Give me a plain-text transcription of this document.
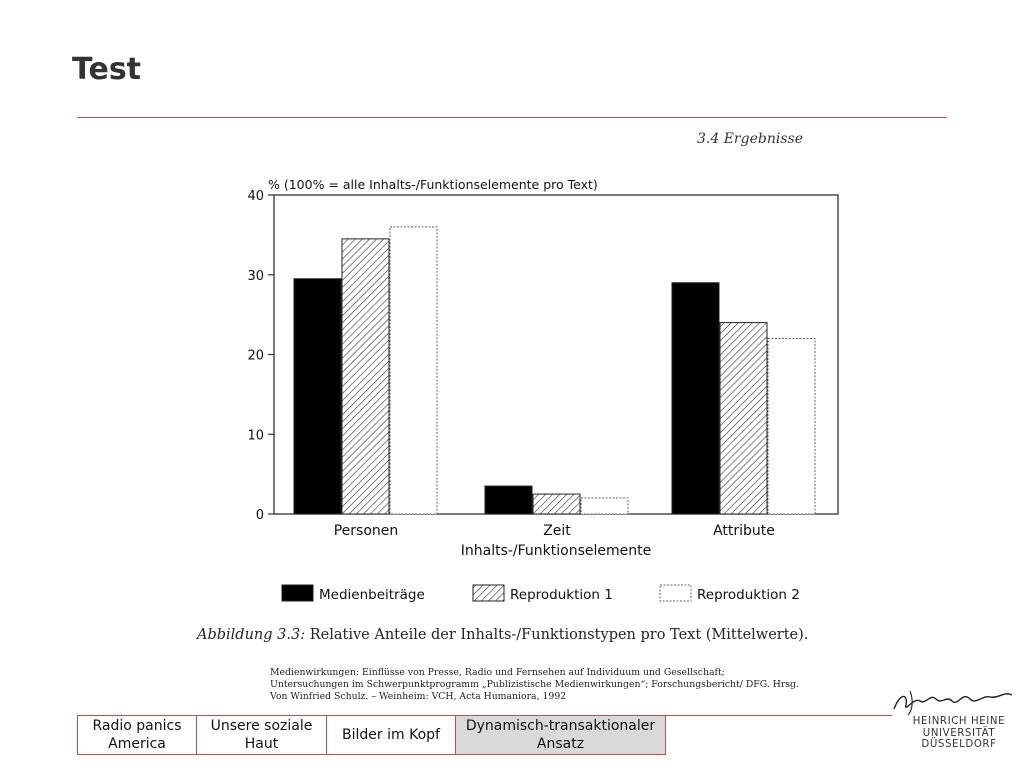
Test
3.4 Ergebnisse
0
10
20
30
40
% (100% = alle Inhalts-/Funktionselemente pro Text)
Personen	Zeit	Attribute
Inhalts-/Funktionselemente
Medienbeiträge	Reproduktion 1	Reproduktion 2
Abbildung 3.3: Relative Anteile der Inhalts-/Funktionstypen pro Text (Mittelwerte).
Medienwirkungen: Einflüsse von Presse, Radio und Fernsehen auf Individuum und Gesellschaft;
Untersuchungen im Schwerpunktprogramm „Publizistische Medienwirkungen“; Forschungsbericht/ DFG. Hrsg.
Von Winfried Schulz. – Weinheim: VCH, Acta Humaniora, 1992
Radio panics America
Unsere soziale Haut
Bilder im Kopf
Dynamisch-transaktionaler Ansatz
HEINRICH HEINE
UNIVERSITÄT
DÜSSELDORF
